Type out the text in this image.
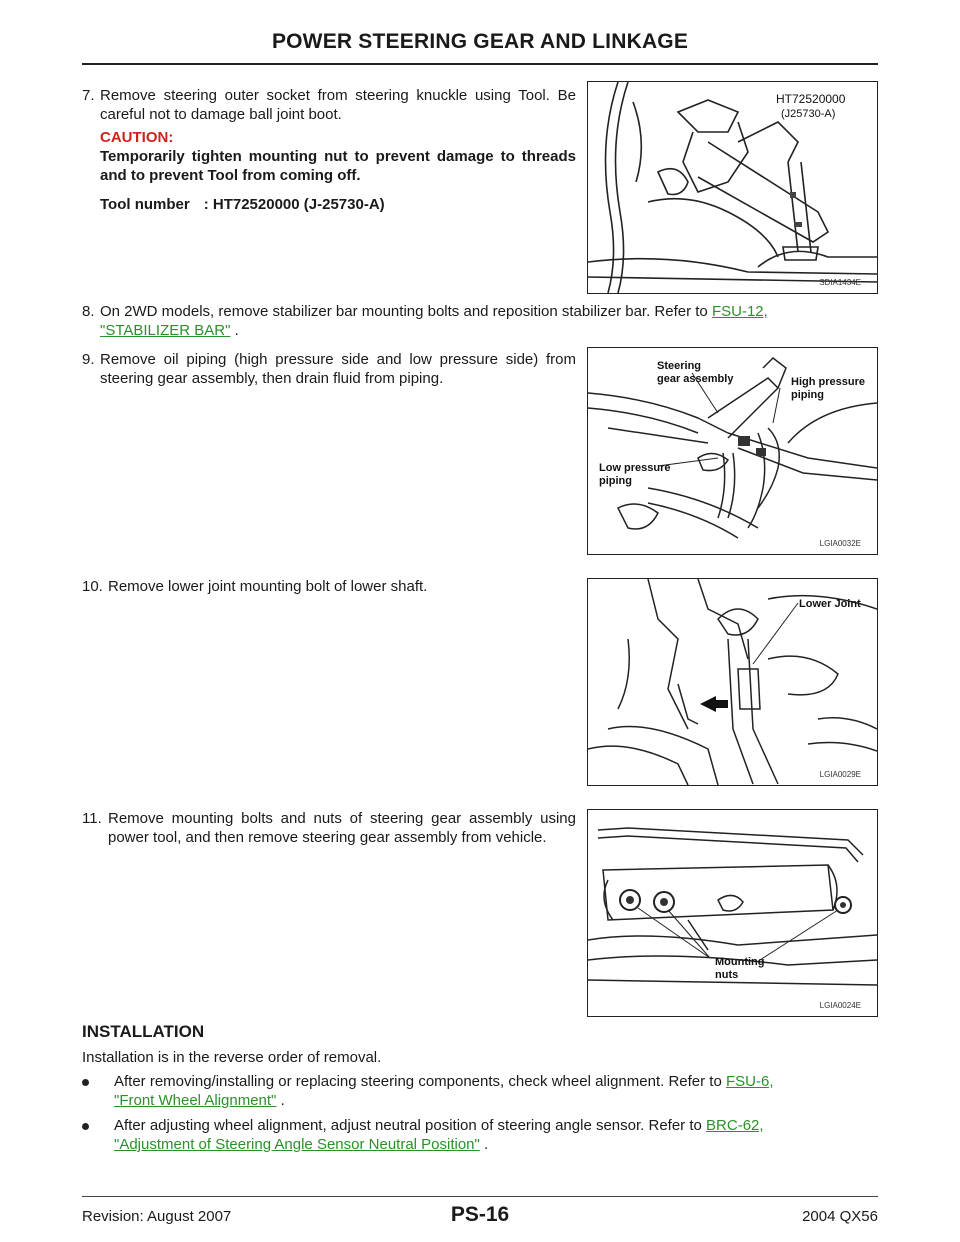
POWER STEERING GEAR AND LINKAGE
7. Remove steering outer socket from steering knuckle using Tool. Be careful not to damage ball joint boot.
CAUTION:
Temporarily tighten mounting nut to prevent damage to threads and to prevent Tool from coming off.
Tool number : HT72520000 (J-25730-A)
HT72520000
(J25730-A)
SDIA1434E
8. On 2WD models, remove stabilizer bar mounting bolts and reposition stabilizer bar. Refer to FSU-12,
"STABILIZER BAR" .
9. Remove oil piping (high pressure side and low pressure side) from steering gear assembly, then drain fluid from piping.
Steering
gear assembly	High pressure
piping
Low pressure
piping
LGIA0032E
10. Remove lower joint mounting bolt of lower shaft.
Lower Joint
LGIA0029E
11. Remove mounting bolts and nuts of steering gear assembly using power tool, and then remove steering gear assembly from vehicle.
Mounting
nuts
LGIA0024E
INSTALLATION
Installation is in the reverse order of removal.
After removing/installing or replacing steering components, check wheel alignment. Refer to FSU-6,
"Front Wheel Alignment" .
After adjusting wheel alignment, adjust neutral position of steering angle sensor. Refer to BRC-62,
"Adjustment of Steering Angle Sensor Neutral Position" .
Revision: August 2007	PS-16	2004 QX56
